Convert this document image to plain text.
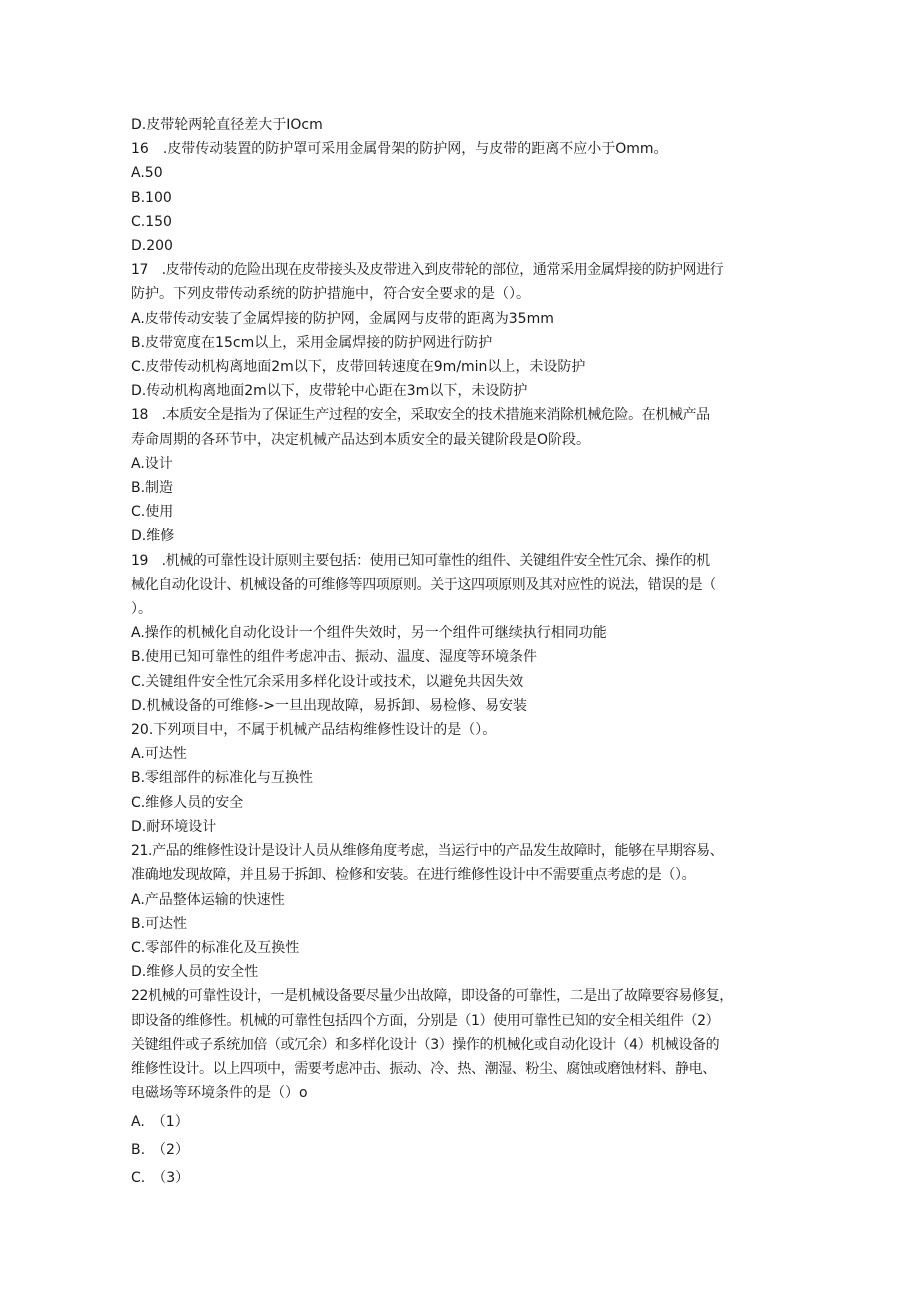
D.皮带轮两轮直径差大于IOcm
16　.皮带传动装置的防护罩可采用金属骨架的防护网，与皮带的距离不应小于Omm。
A.50
B.100
C.150
D.200
17　.皮带传动的危险出现在皮带接头及皮带进入到皮带轮的部位，通常采用金属焊接的防护网进行
防护。下列皮带传动系统的防护措施中，符合安全要求的是（）。
A.皮带传动安装了金属焊接的防护网，金属网与皮带的距离为35mm
B.皮带宽度在15cm以上，采用金属焊接的防护网进行防护
C.皮带传动机构离地面2m以下，皮带回转速度在9m/min以上，未设防护
D.传动机构离地面2m以下，皮带轮中心距在3m以下，未设防护
18　.本质安全是指为了保证生产过程的安全，采取安全的技术措施来消除机械危险。在机械产品
寿命周期的各环节中，决定机械产品达到本质安全的最关键阶段是O阶段。
A.设计
B.制造
C.使用
D.维修
19　.机械的可靠性设计原则主要包括：使用已知可靠性的组件、关键组件安全性冗余、操作的机
械化自动化设计、机械设备的可维修等四项原则。关于这四项原则及其对应性的说法，错误的是（
）。
A.操作的机械化自动化设计一个组件失效时，另一个组件可继续执行相同功能
B.使用已知可靠性的组件考虑冲击、振动、温度、湿度等环境条件
C.关键组件安全性冗余采用多样化设计或技术，以避免共因失效
D.机械设备的可维修->一旦出现故障，易拆卸、易检修、易安装
20.下列项目中，不属于机械产品结构维修性设计的是（）。
A.可达性
B.零组部件的标准化与互换性
C.维修人员的安全
D.耐环境设计
21.产品的维修性设计是设计人员从维修角度考虑，当运行中的产品发生故障时，能够在早期容易、
准确地发现故障，并且易于拆卸、检修和安装。在进行维修性设计中不需要重点考虑的是（）。
A.产品整体运输的快速性
B.可达性
C.零部件的标准化及互换性
D.维修人员的安全性
22机械的可靠性设计，一是机械设备要尽量少出故障，即设备的可靠性，二是出了故障要容易修复，
即设备的维修性。机械的可靠性包括四个方面，分别是（1）使用可靠性已知的安全相关组件（2）
关键组件或子系统加倍（或冗余）和多样化设计（3）操作的机械化或自动化设计（4）机械设备的
维修性设计。以上四项中，需要考虑冲击、振动、冷、热、潮湿、粉尘、腐蚀或磨蚀材料、静电、
电磁场等环境条件的是（）o
A.　（1）
B.　（2）
C.　（3）
